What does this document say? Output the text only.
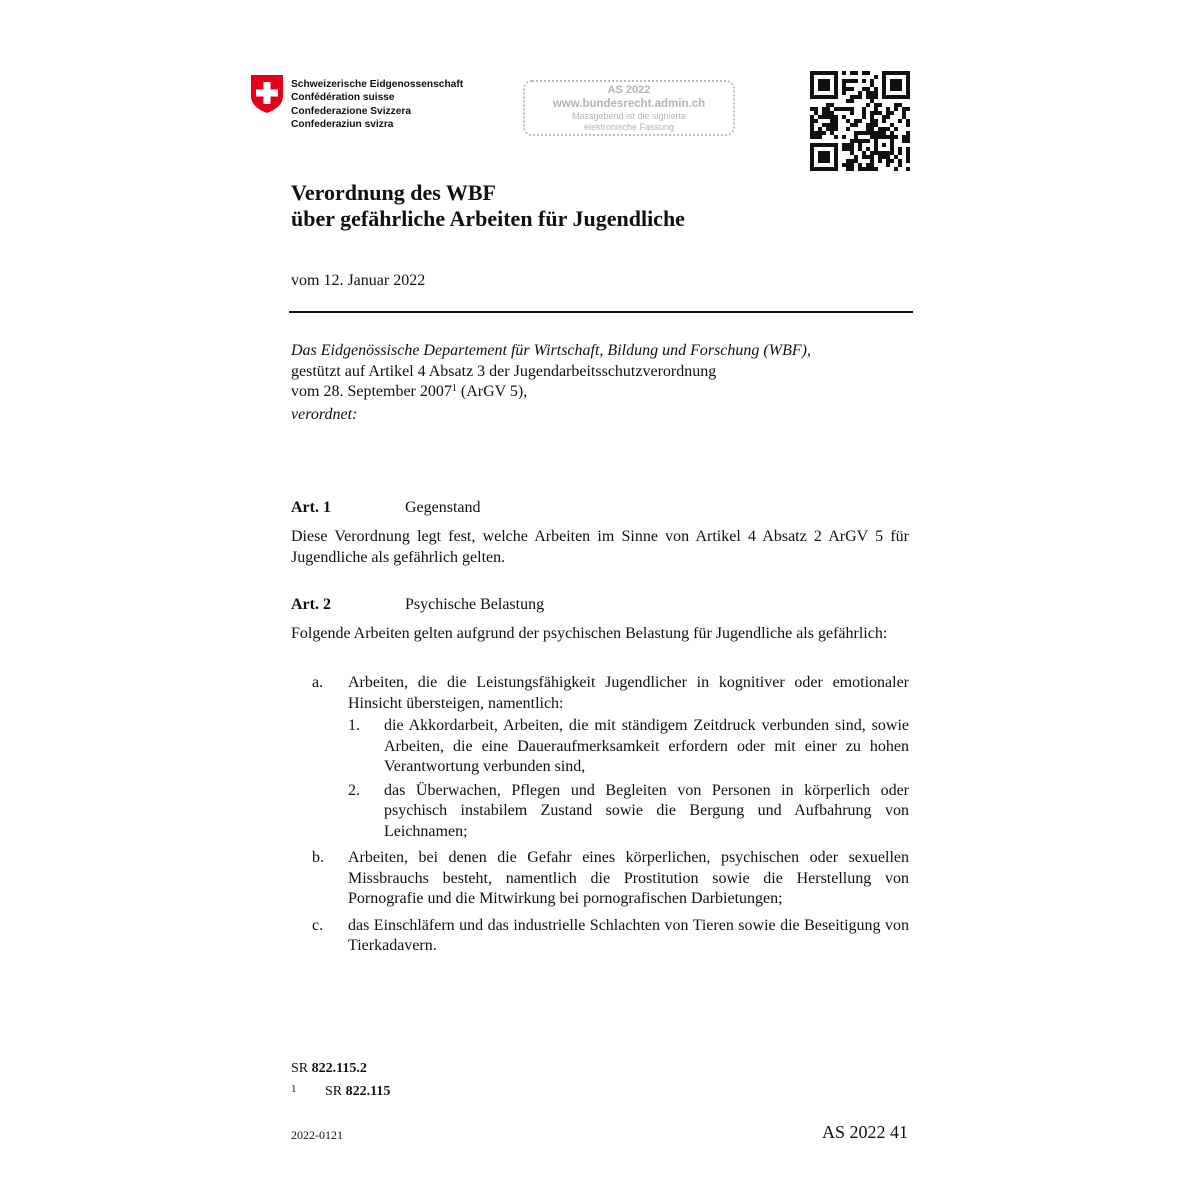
Schweizerische Eidgenossenschaft
Confédération suisse
Confederazione Svizzera
Confederaziun svizra
AS 2022
www.bundesrecht.admin.ch
Massgebend ist die signierte
elektronische Fassung
Verordnung des WBF
über gefährliche Arbeiten für Jugendliche
vom 12. Januar 2022
Das Eidgenössische Departement für Wirtschaft, Bildung und Forschung (WBF),
gestützt auf Artikel 4 Absatz 3 der Jugendarbeitsschutzverordnung
vom 28. September 2007$^1$ (ArGV 5),
verordnet:
Art. 1	Gegenstand
Diese Verordnung legt fest, welche Arbeiten im Sinne von Artikel 4 Absatz 2 ArGV 5 für Jugendliche als gefährlich gelten.
Art. 2	Psychische Belastung
Folgende Arbeiten gelten aufgrund der psychischen Belastung für Jugendliche als gefährlich:
a. Arbeiten, die die Leistungsfähigkeit Jugendlicher in kognitiver oder emotionaler Hinsicht übersteigen, namentlich:
1. die Akkordarbeit, Arbeiten, die mit ständigem Zeitdruck verbunden sind, sowie Arbeiten, die eine Daueraufmerksamkeit erfordern oder mit einer zu hohen Verantwortung verbunden sind,
2. das Überwachen, Pflegen und Begleiten von Personen in körperlich oder psychisch instabilem Zustand sowie die Bergung und Aufbahrung von Leichnamen;
b. Arbeiten, bei denen die Gefahr eines körperlichen, psychischen oder sexuellen Missbrauchs besteht, namentlich die Prostitution sowie die Herstellung von Pornografie und die Mitwirkung bei pornografischen Darbietungen;
c. das Einschläfern und das industrielle Schlachten von Tieren sowie die Beseitigung von Tierkadavern.
SR 822.115.2
1 SR 822.115
2022-0121	AS 2022 41
